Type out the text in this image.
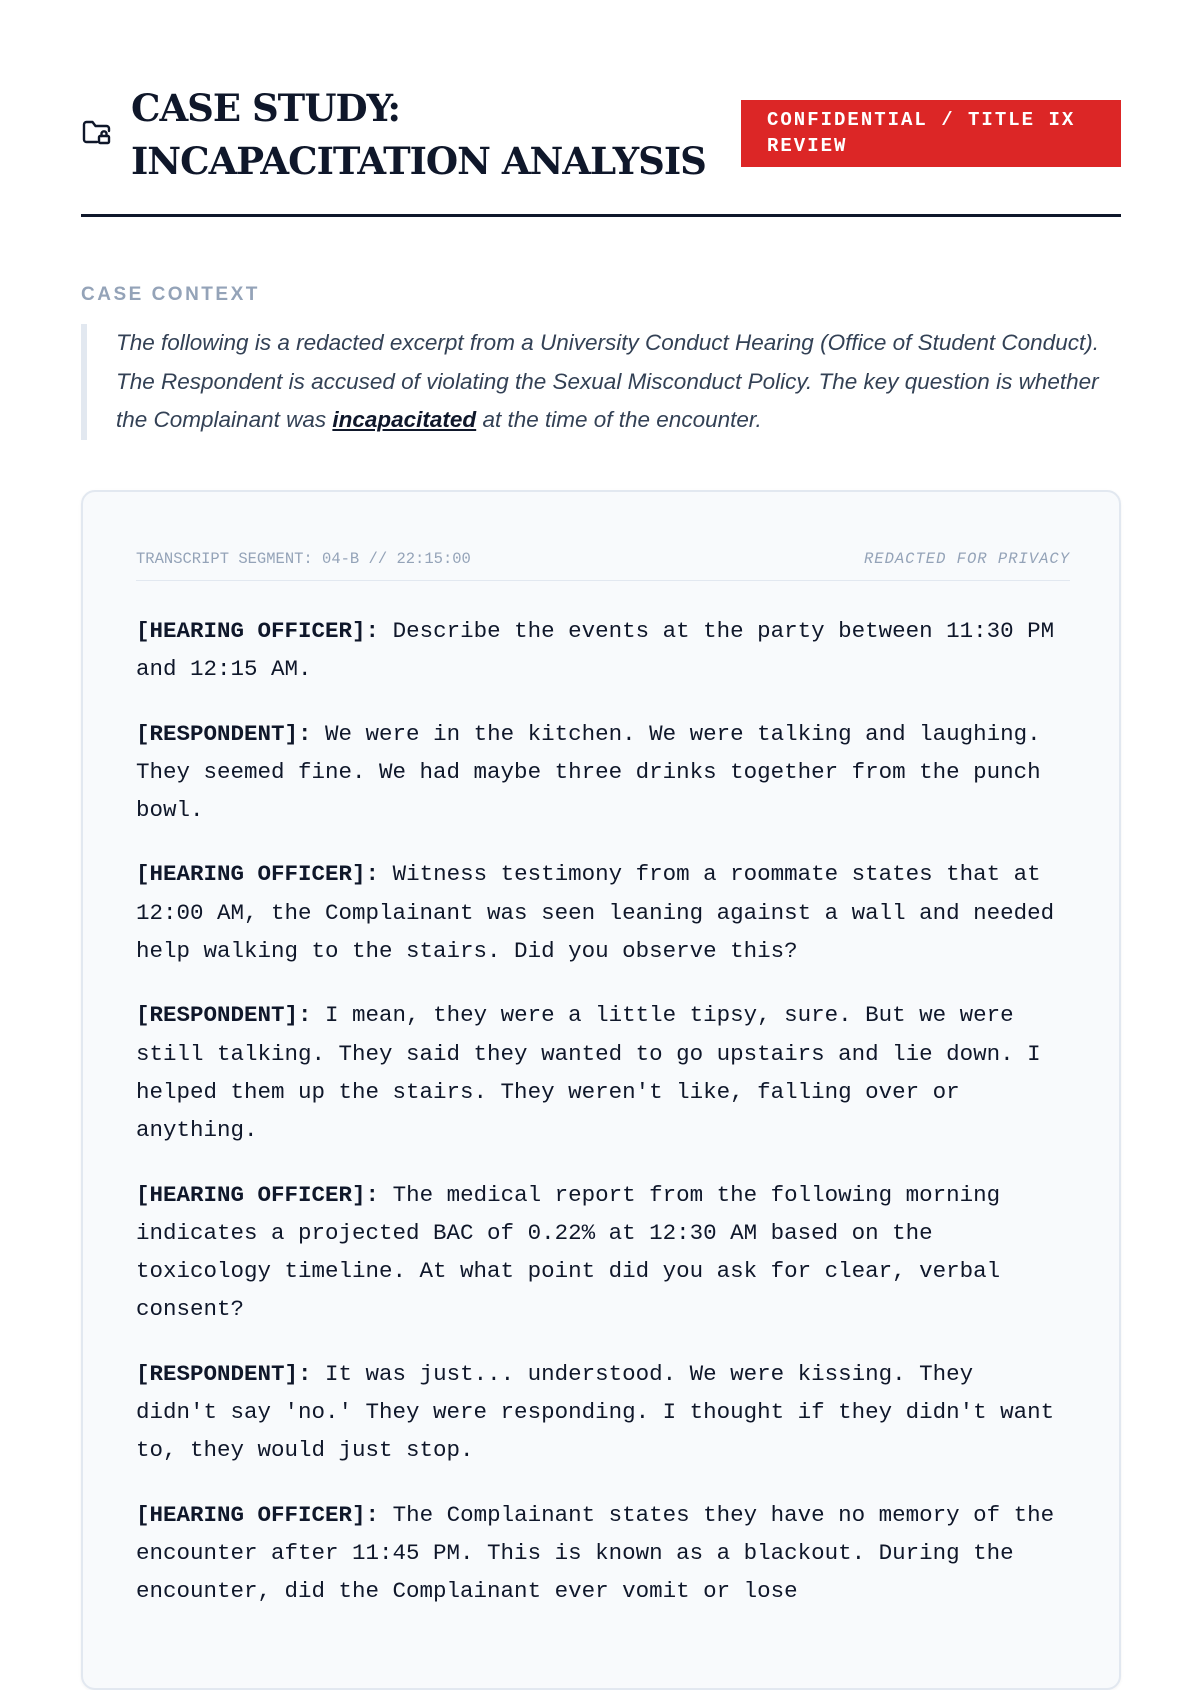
CASE STUDY: INCAPACITATION ANALYSIS
CONFIDENTIAL / TITLE IX REVIEW
CASE CONTEXT

The following is a redacted excerpt from a University Conduct Hearing (Office of Student Conduct). The Respondent is accused of violating the Sexual Misconduct Policy. The key question is whether the Complainant was incapacitated at the time of the encounter.

TRANSCRIPT SEGMENT: 04-B // 22:15:00	REDACTED FOR PRIVACY

[HEARING OFFICER]: Describe the events at the party between 11:30 PM and 12:15 AM.

[RESPONDENT]: We were in the kitchen. We were talking and laughing. They seemed fine. We had maybe three drinks together from the punch bowl.

[HEARING OFFICER]: Witness testimony from a roommate states that at 12:00 AM, the Complainant was seen leaning against a wall and needed help walking to the stairs. Did you observe this?

[RESPONDENT]: I mean, they were a little tipsy, sure. But we were still talking. They said they wanted to go upstairs and lie down. I helped them up the stairs. They weren't like, falling over or anything.

[HEARING OFFICER]: The medical report from the following morning indicates a projected BAC of 0.22% at 12:30 AM based on the toxicology timeline. At what point did you ask for clear, verbal consent?

[RESPONDENT]: It was just... understood. We were kissing. They didn't say 'no.' They were responding. I thought if they didn't want to, they would just stop.

[HEARING OFFICER]: The Complainant states they have no memory of the encounter after 11:45 PM. This is known as a blackout. During the encounter, did the Complainant ever vomit or lose
